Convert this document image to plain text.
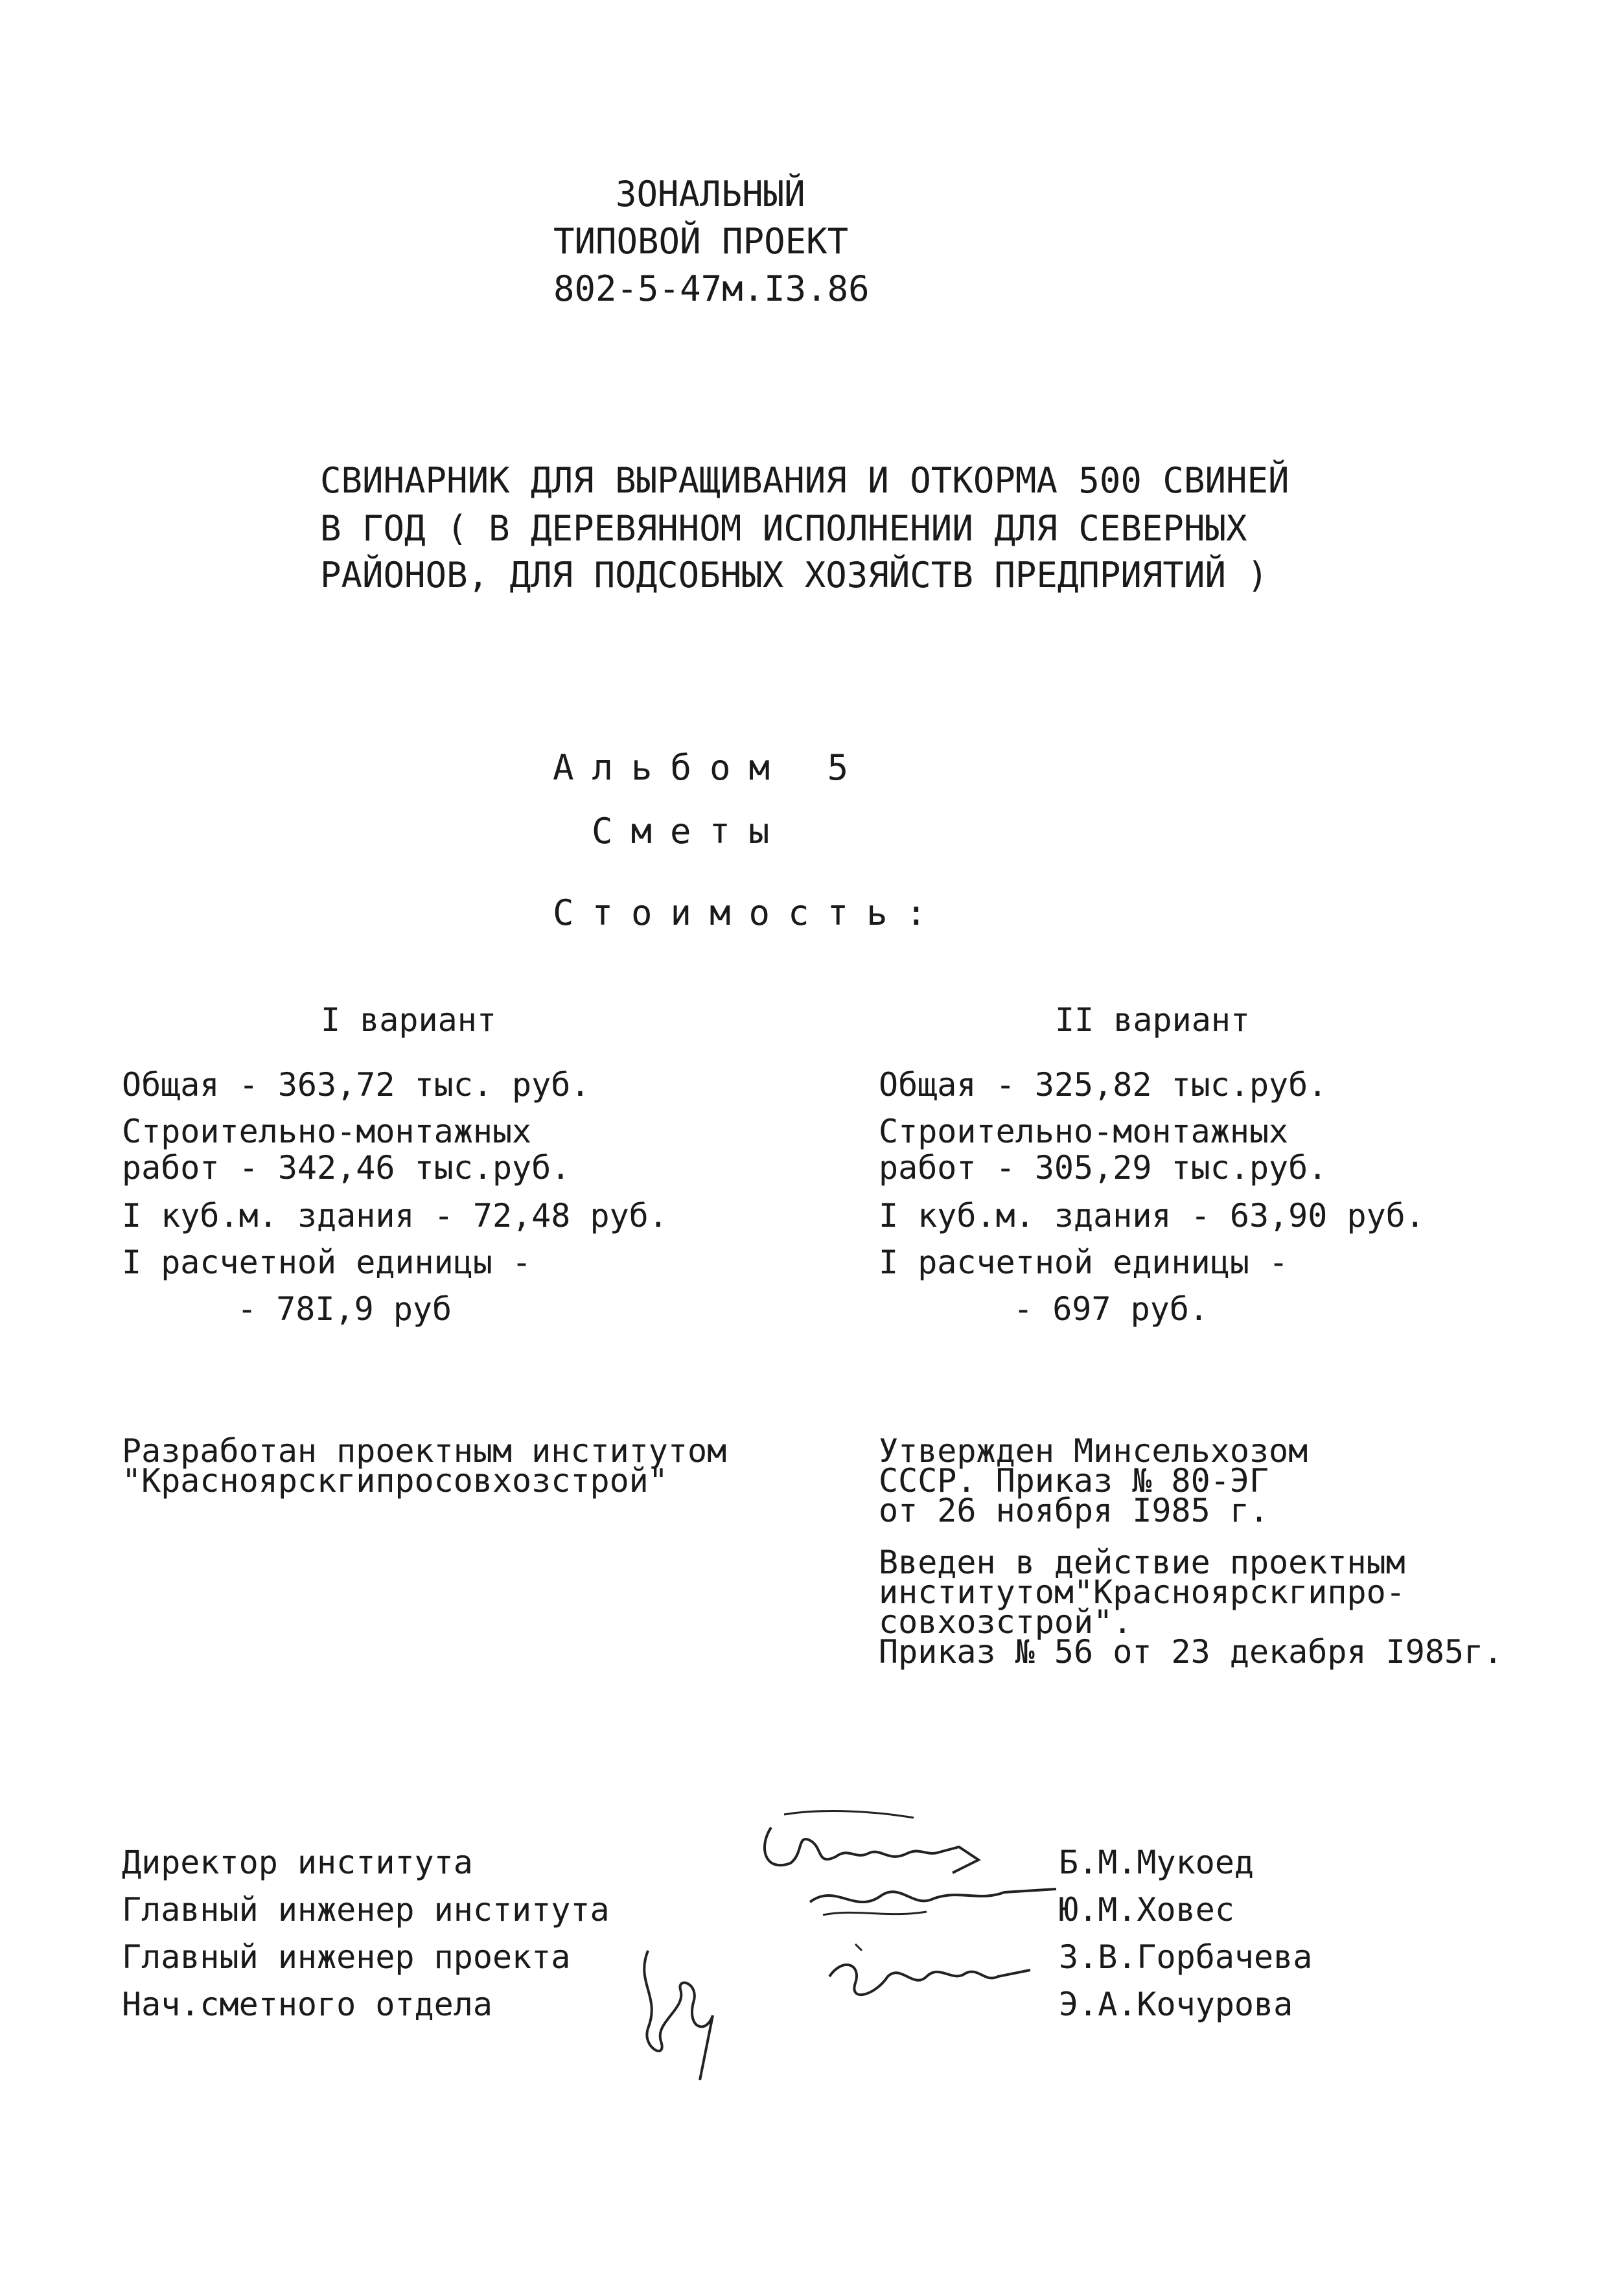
ЗОНАЛЬНЫЙ
ТИПОВОЙ ПРОЕКТ
802-5-47м.I3.86
СВИНАРНИК ДЛЯ ВЫРАЩИВАНИЯ И ОТКОРМА 500 СВИНЕЙ
В ГОД ( В ДЕРЕВЯННОМ ИСПОЛНЕНИИ ДЛЯ СЕВЕРНЫХ
РАЙОНОВ, ДЛЯ ПОДСОБНЫХ ХОЗЯЙСТВ ПРЕДПРИЯТИЙ )
Альбом 5
Сметы
Стоимость:
I вариант
Общая - 363,72 тыс. руб.
Строительно-монтажных
работ - 342,46 тыс.руб.
I куб.м. здания - 72,48 руб.
I расчетной единицы -
- 78I,9 руб
II вариант
Общая - 325,82 тыс.руб.
Строительно-монтажных
работ - 305,29 тыс.руб.
I куб.м. здания - 63,90 руб.
I расчетной единицы -
- 697 руб.
Разработан проектным институтом
"Красноярскгипросовхозстрой"
Утвержден Минсельхозом
СССР. Приказ № 80-ЭГ
от 26 ноября I985 г.
Введен в действие проектным
институтом"Красноярскгипро-
совхозстрой".
Приказ № 56 от 23 декабря I985г.
Директор института
Главный инженер института
Главный инженер проекта
Нач.сметного отдела
Б.М.Мукоед
Ю.М.Ховес
З.В.Горбачева
Э.А.Кочурова
